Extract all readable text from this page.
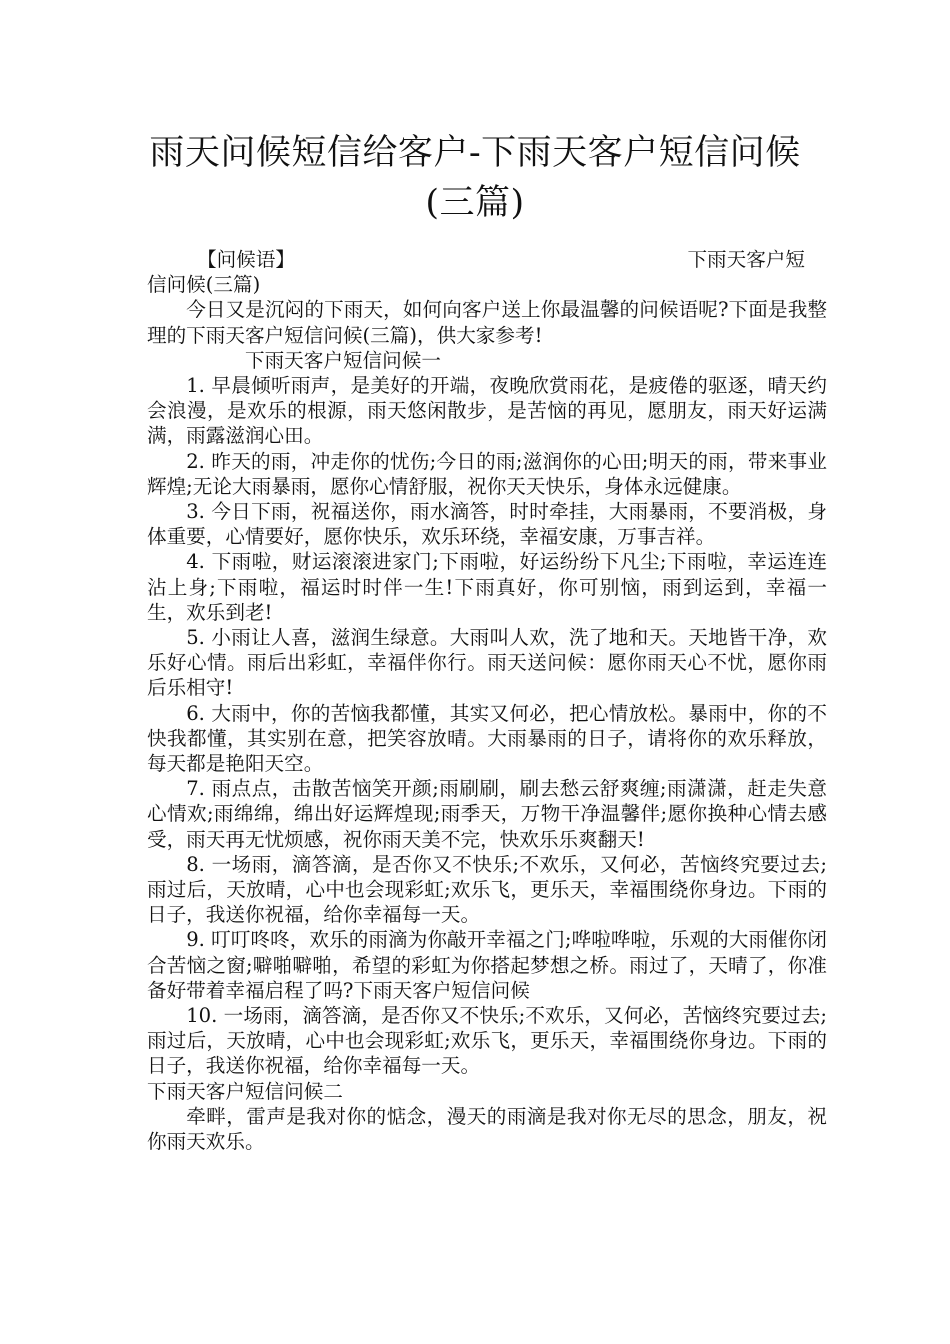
雨天问候短信给客户-下雨天客户短信问候
(三篇)
【问候语】	下雨天客户短

信问候(三篇)

今日又是沉闷的下雨天，如何向客户送上你最温馨的问候语呢?下面是我整理的下雨天客户短信问候(三篇)，供大家参考!

下雨天客户短信问候一

1. 早晨倾听雨声，是美好的开端，夜晚欣赏雨花，是疲倦的驱逐，晴天约会浪漫，是欢乐的根源，雨天悠闲散步，是苦恼的再见，愿朋友，雨天好运满满，雨露滋润心田。

2. 昨天的雨，冲走你的忧伤;今日的雨;滋润你的心田;明天的雨，带来事业辉煌;无论大雨暴雨，愿你心情舒服，祝你天天快乐，身体永远健康。

3. 今日下雨，祝福送你，雨水滴答，时时牵挂，大雨暴雨，不要消极，身体重要，心情要好，愿你快乐，欢乐环绕，幸福安康，万事吉祥。

4. 下雨啦，财运滚滚进家门;下雨啦，好运纷纷下凡尘;下雨啦，幸运连连沾上身;下雨啦，福运时时伴一生!下雨真好，你可别恼，雨到运到，幸福一生，欢乐到老!

5. 小雨让人喜，滋润生绿意。大雨叫人欢，洗了地和天。天地皆干净，欢乐好心情。雨后出彩虹，幸福伴你行。雨天送问候：愿你雨天心不忧，愿你雨后乐相守!

6. 大雨中，你的苦恼我都懂，其实又何必，把心情放松。暴雨中，你的不快我都懂，其实别在意，把笑容放晴。大雨暴雨的日子，请将你的欢乐释放，每天都是艳阳天空。

7. 雨点点，击散苦恼笑开颜;雨刷刷，刷去愁云舒爽缠;雨潇潇，赶走失意心情欢;雨绵绵，绵出好运辉煌现;雨季天，万物干净温馨伴;愿你换种心情去感受，雨天再无忧烦感，祝你雨天美不完，快欢乐乐爽翻天!

8. 一场雨，滴答滴，是否你又不快乐;不欢乐，又何必，苦恼终究要过去;雨过后，天放晴，心中也会现彩虹;欢乐飞，更乐天，幸福围绕你身边。下雨的日子，我送你祝福，给你幸福每一天。

9. 叮叮咚咚，欢乐的雨滴为你敲开幸福之门;哗啦哗啦，乐观的大雨催你闭合苦恼之窗;噼啪噼啪，希望的彩虹为你搭起梦想之桥。雨过了，天晴了，你准备好带着幸福启程了吗?下雨天客户短信问候

10. 一场雨，滴答滴，是否你又不快乐;不欢乐，又何必，苦恼终究要过去;雨过后，天放晴，心中也会现彩虹;欢乐飞，更乐天，幸福围绕你身边。下雨的日子，我送你祝福，给你幸福每一天。

下雨天客户短信问候二

牵畔，雷声是我对你的惦念，漫天的雨滴是我对你无尽的思念，朋友，祝你雨天欢乐。
